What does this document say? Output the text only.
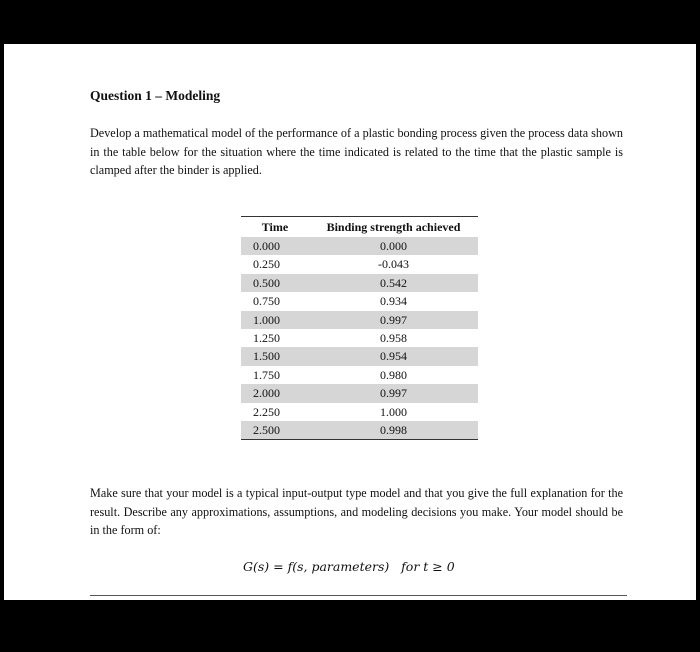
Question 1 – Modeling

Develop a mathematical model of the performance of a plastic bonding process given the process data shown in the table below for the situation where the time indicated is related to the time that the plastic sample is clamped after the binder is applied.

Time	Binding strength achieved
0.000	0.000
0.250	-0.043
0.500	0.542
0.750	0.934
1.000	0.997
1.250	0.958
1.500	0.954
1.750	0.980
2.000	0.997
2.250	1.000
2.500	0.998

Make sure that your model is a typical input-output type model and that you give the full explanation for the result. Describe any approximations, assumptions, and modeling decisions you make. Your model should be in the form of:

G(s) = f(s, parameters)   for t ≥ 0
